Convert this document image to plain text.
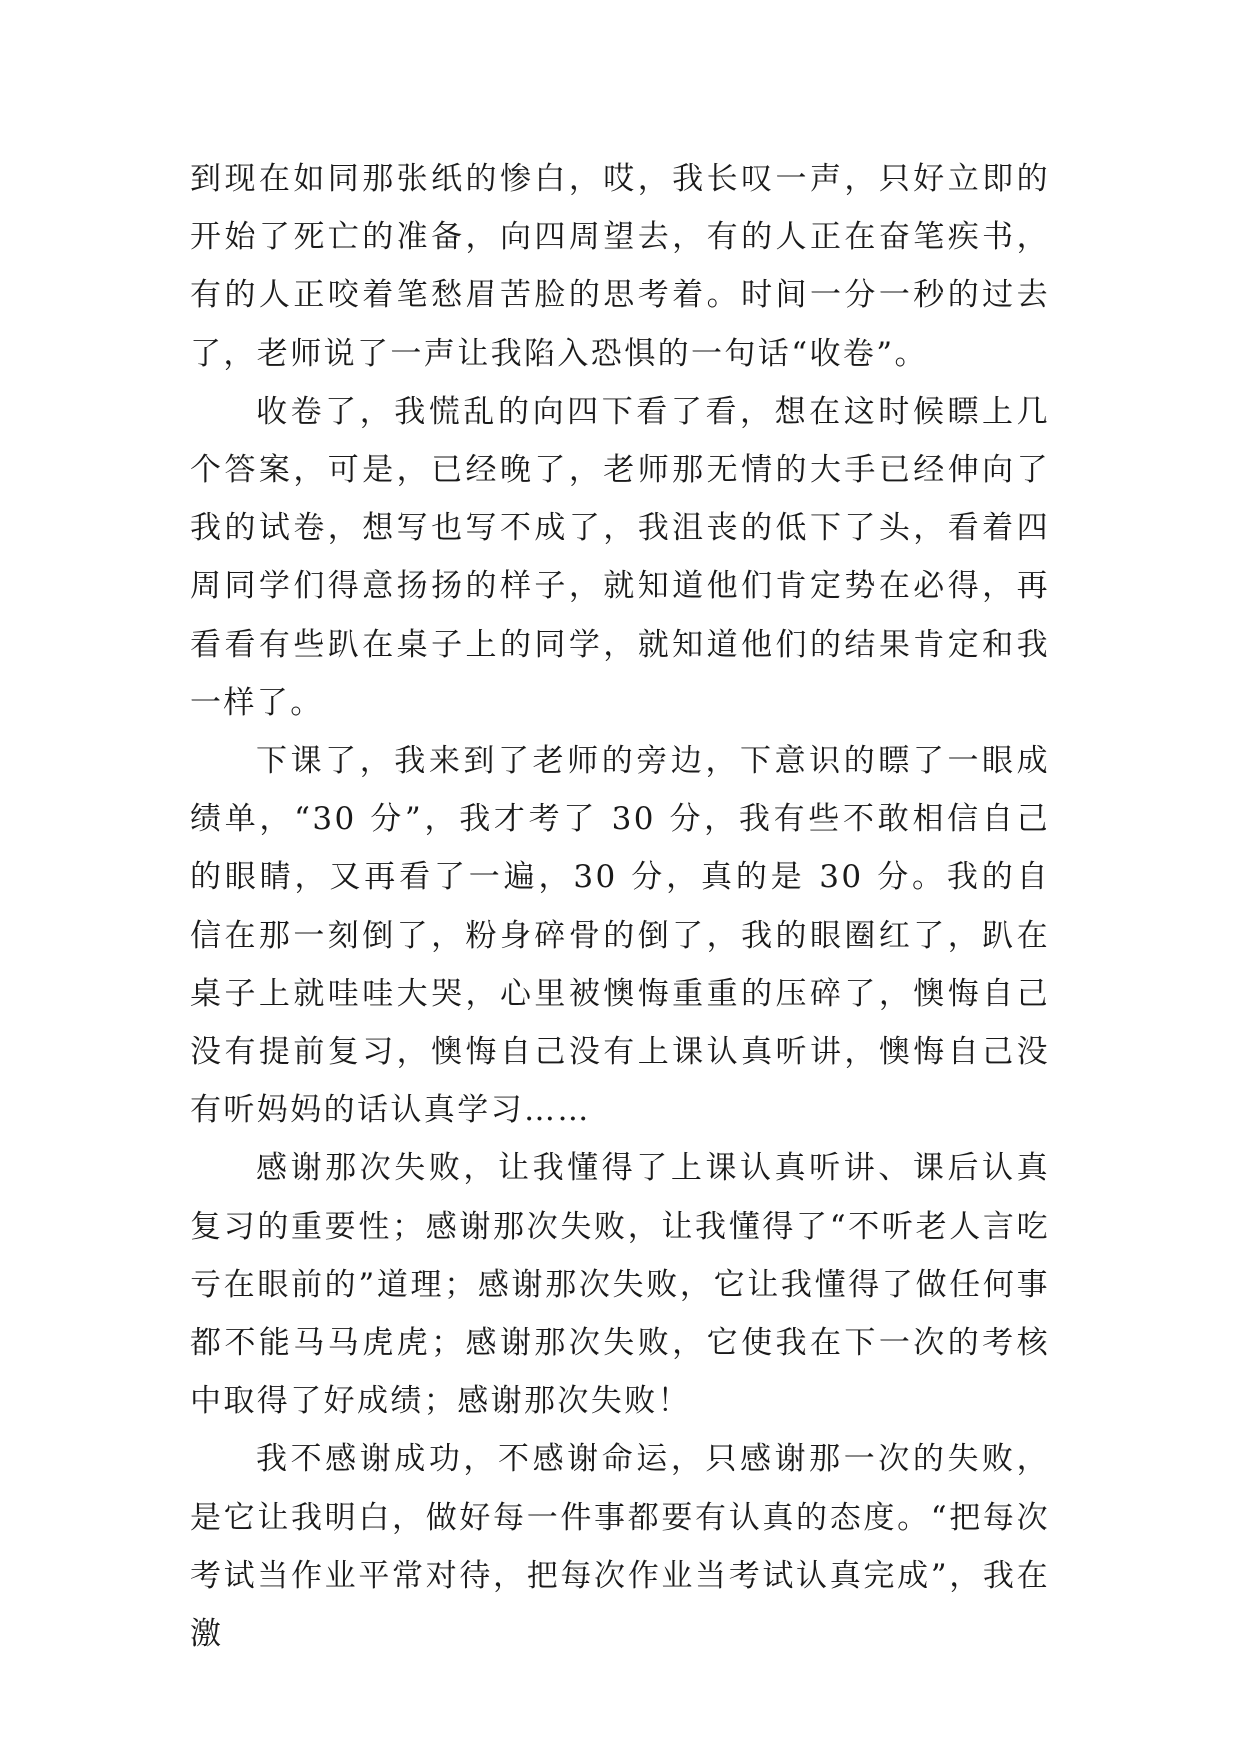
到现在如同那张纸的惨白，哎，我长叹一声，只好立即的开始了死亡的准备，向四周望去，有的人正在奋笔疾书，有的人正咬着笔愁眉苦脸的思考着。时间一分一秒的过去了，老师说了一声让我陷入恐惧的一句话“收卷”。

收卷了，我慌乱的向四下看了看，想在这时候瞟上几个答案，可是，已经晚了，老师那无情的大手已经伸向了我的试卷，想写也写不成了，我沮丧的低下了头，看着四周同学们得意扬扬的样子，就知道他们肯定势在必得，再看看有些趴在桌子上的同学，就知道他们的结果肯定和我一样了。

下课了，我来到了老师的旁边，下意识的瞟了一眼成绩单，“30 分”，我才考了 30 分，我有些不敢相信自己的眼睛，又再看了一遍，30 分，真的是 30 分。我的自信在那一刻倒了，粉身碎骨的倒了，我的眼圈红了，趴在桌子上就哇哇大哭，心里被懊悔重重的压碎了，懊悔自己没有提前复习，懊悔自己没有上课认真听讲，懊悔自己没有听妈妈的话认真学习……

感谢那次失败，让我懂得了上课认真听讲、课后认真复习的重要性；感谢那次失败，让我懂得了“不听老人言吃亏在眼前的”道理；感谢那次失败，它让我懂得了做任何事都不能马马虎虎；感谢那次失败，它使我在下一次的考核中取得了好成绩；感谢那次失败！

我不感谢成功，不感谢命运，只感谢那一次的失败，是它让我明白，做好每一件事都要有认真的态度。“把每次考试当作业平常对待，把每次作业当考试认真完成”，我在激
